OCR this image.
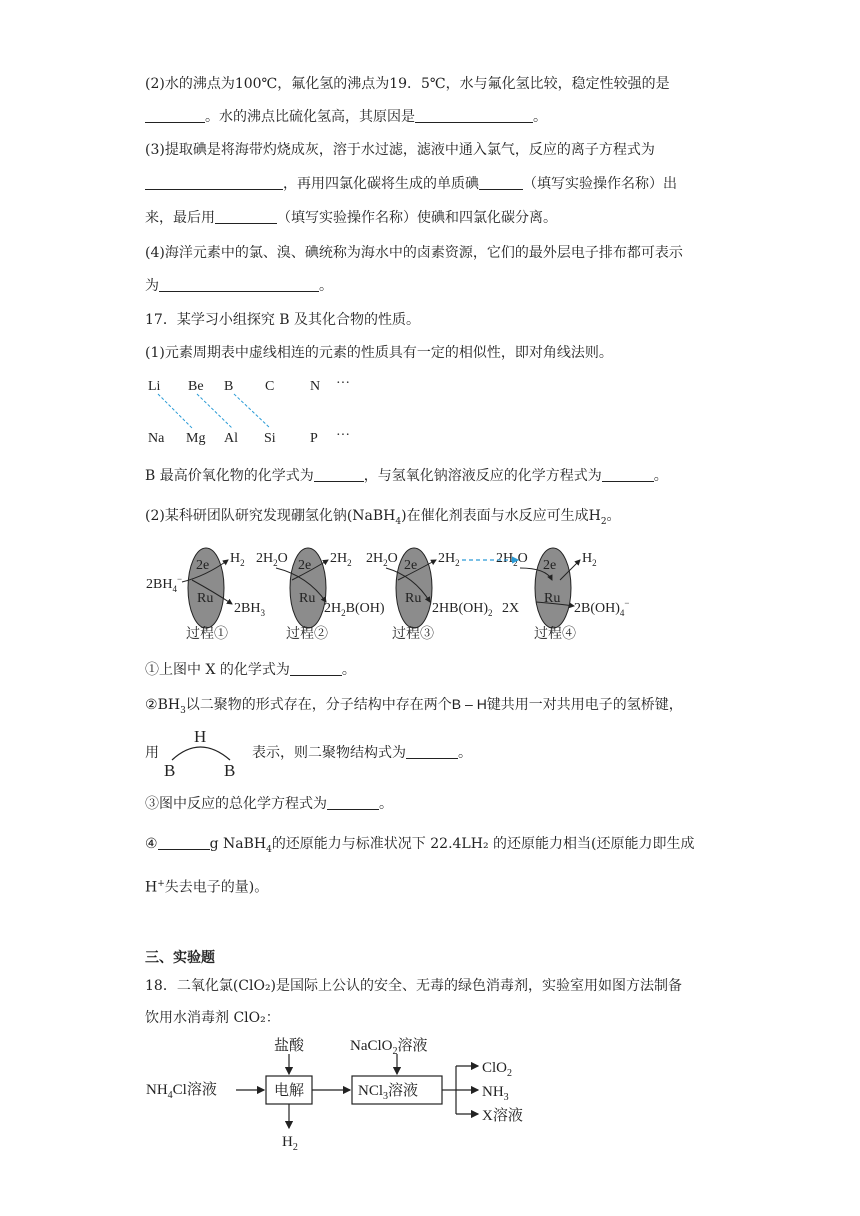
(2)水的沸点为100℃，氟化氢的沸点为19．5℃，水与氟化氢比较，稳定性较强的是
。水的沸点比硫化氢高，其原因是	。
(3)提取碘是将海带灼烧成灰，溶于水过滤，滤液中通入氯气，反应的离子方程式为
，再用四氯化碳将生成的单质碘	（填写实验操作名称）出
来，最后用	（填写实验操作名称）使碘和四氯化碳分离。
(4)海洋元素中的氯、溴、碘统称为海水中的卤素资源，它们的最外层电子排布都可表示
为	。
17．某学习小组探究 B 及其化合物的性质。
(1)元素周期表中虚线相连的元素的性质具有一定的相似性，即对角线法则。
Li Be B C	N ···
Na Mg Al Si P ···
B 最高价氧化物的化学式为	，与氢氧化钠溶液反应的化学方程式为	。
(2)某科研团队研究发现硼氢化钠(NaBH$_4$)在催化剂表面与水反应可生成$H_2$。
2e
Ru
2e
Ru
2e
Ru
2e
Ru
$2BH_4^-$
$H_2$
$2BH_3$
$2H_2O$	$2H_2$
$2H_2B(OH)$
$2H_2O$	$2H_2$
$2HB(OH)_2$ 2X
$2H_2O$	$H_2$
$2B(OH)_4^-$
过程①	过程②	过程③	过程④
①上图中 X 的化学式为	。
$②BH_3$以二聚物的形式存在，分子结构中存在两个B – H键共用一对共用电子的氢桥键，
用
H
B	B
表示，则二聚物结构式为	。
③图中反应的总化学方程式为	。
④	g NaBH$_4$的还原能力与标准状况下 22.4LH₂ 的还原能力相当(还原能力即生成
H+失去电子的量)。
三、实验题
18．二氧化氯(ClO₂)是国际上公认的安全、无毒的绿色消毒剂，实验室用如图方法制备
饮用水消毒剂 ClO₂：
$NH_4Cl$溶液
盐酸
$H_2$
NaClO$_2$溶液
ClO$_2$
$NH_3$
X溶液
电解	NCl$_3$溶液
